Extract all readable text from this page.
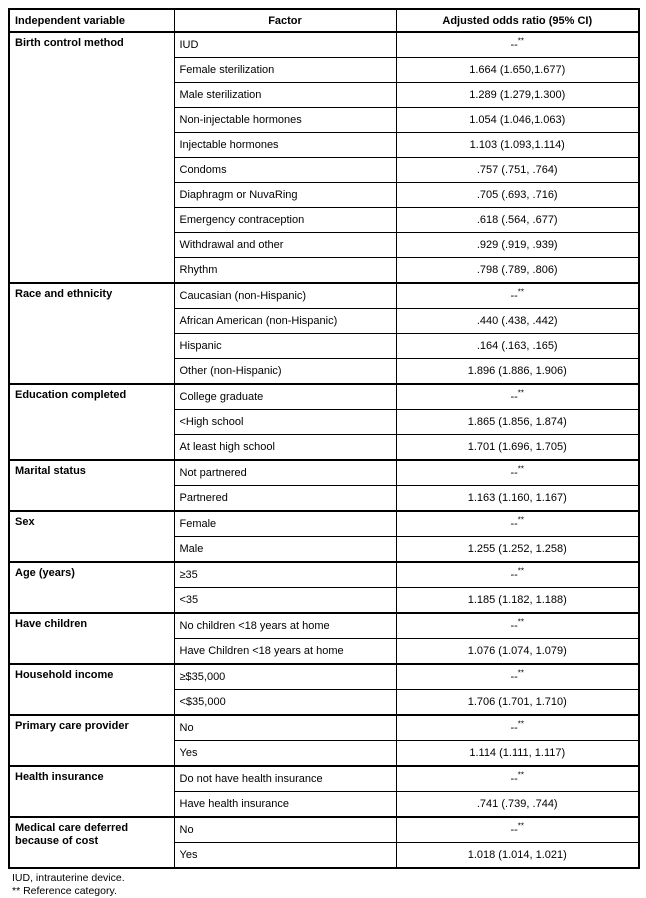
Independent variable	Factor	Adjusted odds ratio (95% CI)
Birth control method	IUD	--**
	Female sterilization	1.664 (1.650,1.677)
	Male sterilization	1.289 (1.279,1.300)
	Non-injectable hormones	1.054 (1.046,1.063)
	Injectable hormones	1.103 (1.093,1.114)
	Condoms	.757 (.751, .764)
	Diaphragm or NuvaRing	.705 (.693, .716)
	Emergency contraception	.618 (.564, .677)
	Withdrawal and other	.929 (.919, .939)
	Rhythm	.798 (.789, .806)
Race and ethnicity	Caucasian (non-Hispanic)	--**
	African American (non-Hispanic)	.440 (.438, .442)
	Hispanic	.164 (.163, .165)
	Other (non-Hispanic)	1.896 (1.886, 1.906)
Education completed	College graduate	--**
	<High school	1.865 (1.856, 1.874)
	At least high school	1.701 (1.696, 1.705)
Marital status	Not partnered	--**
	Partnered	1.163 (1.160, 1.167)
Sex	Female	--**
	Male	1.255 (1.252, 1.258)
Age (years)	≥35	--**
	<35	1.185 (1.182, 1.188)
Have children	No children <18 years at home	--**
	Have Children <18 years at home	1.076 (1.074, 1.079)
Household income	≥$35,000	--**
	<$35,000	1.706 (1.701, 1.710)
Primary care provider	No	--**
	Yes	1.114 (1.111, 1.117)
Health insurance	Do not have health insurance	--**
	Have health insurance	.741 (.739, .744)
Medical care deferred because of cost	No	--**
	Yes	1.018 (1.014, 1.021)
IUD, intrauterine device.
** Reference category.
